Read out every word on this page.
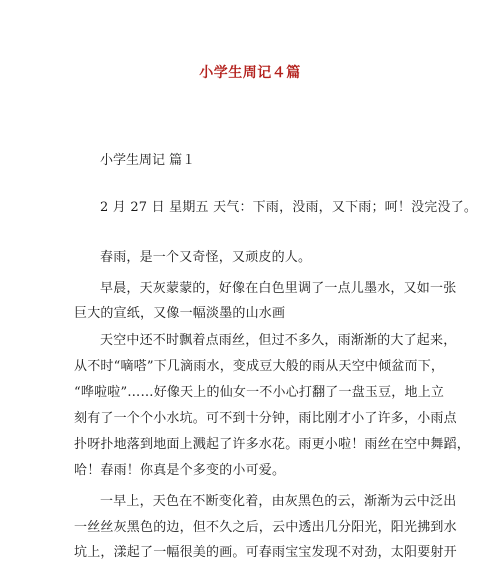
小学生周记４篇
小学生周记 篇１
2 月 27 日 星期五 天气：下雨，没雨，又下雨；呵！没完没了。
春雨，是一个又奇怪，又顽皮的人。
早晨，天灰蒙蒙的，好像在白色里调了一点儿墨水，又如一张
巨大的宣纸，又像一幅淡墨的山水画
天空中还不时飘着点雨丝，但过不多久，雨渐渐的大了起来，
从不时“嘀嗒”下几滴雨水，变成豆大般的雨从天空中倾盆而下，
“哗啦啦”……好像天上的仙女一不小心打翻了一盘玉豆，地上立
刻有了一个个小水坑。可不到十分钟，雨比刚才小了许多，小雨点
扑呀扑地落到地面上溅起了许多水花。雨更小啦！雨丝在空中舞蹈，
哈！春雨！你真是个多变的小可爱。
一早上，天色在不断变化着，由灰黑色的云，渐渐为云中泛出
一丝丝灰黑色的边，但不久之后，云中透出几分阳光，阳光拂到水
坑上，漾起了一幅很美的画。可春雨宝宝发现不对劲，太阳要射开
